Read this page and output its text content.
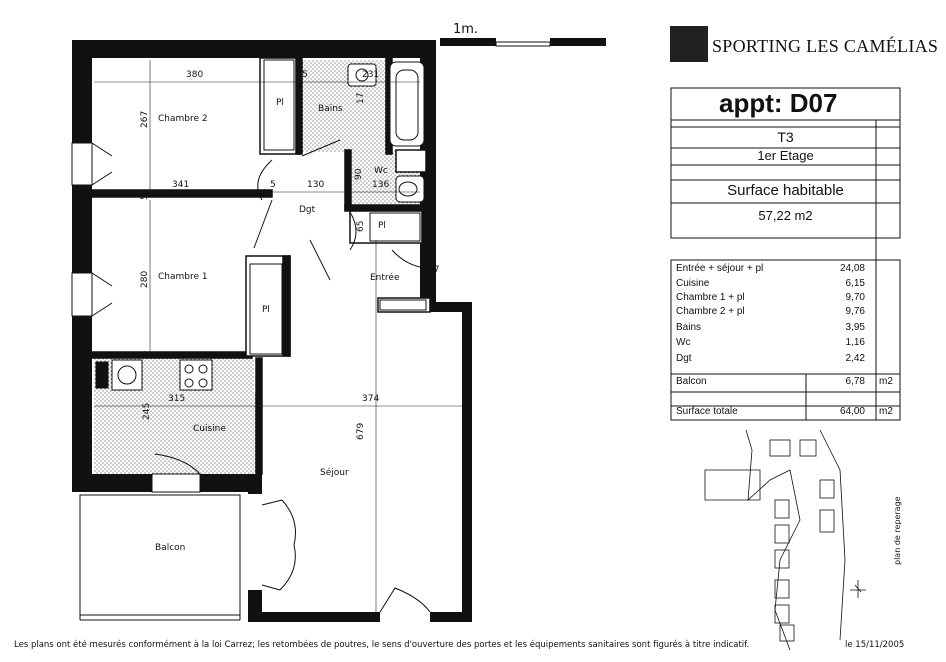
SPORTING LES CAMÉLIAS
1m.
appt: D07
T3
1er Etage
Surface habitable
57,22 m2
Entrée + séjour + pl	24,08
Cuisine	6,15
Chambre 1 + pl	9,70
Chambre 2 + pl	9,76
Bains	3,95
Wc	1,16
Dgt	2,42
Balcon	6,78 m2
Surface totale	64,00 m2
Chambre 2
Chambre 1
Bains
Wc
Dgt
Entrée
Cuisine
Séjour
Balcon
Pl
Pl
Pl
07
380	5	231
267
341	5	130 5 136
280
5
315	374
679
65
17
90
5
245
plan de reperage
Les plans ont été mesurés conformément à la loi Carrez; les retombées de poutres, le sens d'ouverture des portes et les équipements sanitaires sont figurés à titre indicatif.	le 15/11/2005
